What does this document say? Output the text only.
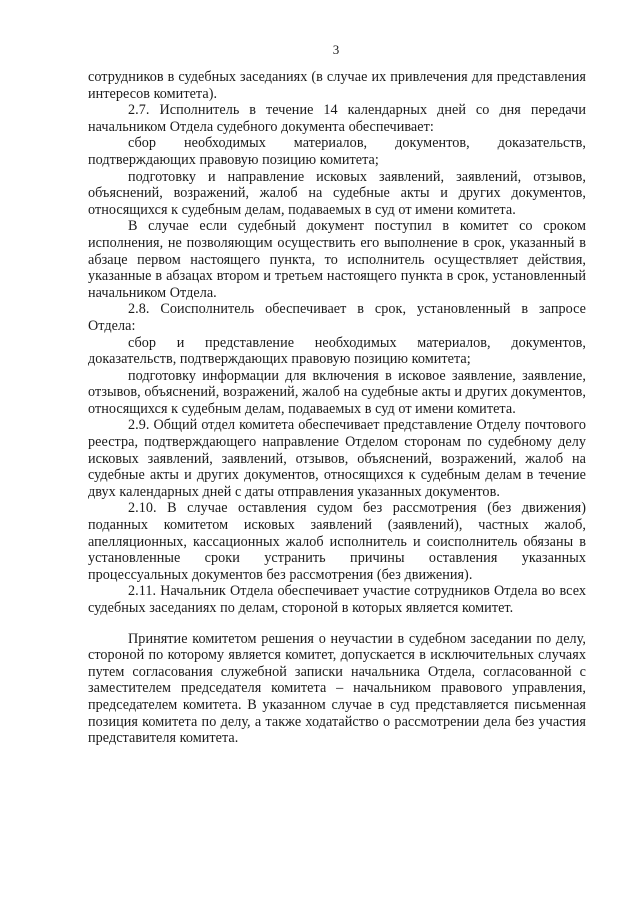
3

сотрудников в судебных заседаниях (в случае их привлечения для представления интересов комитета).

2.7. Исполнитель в течение 14 календарных дней со дня передачи начальником Отдела судебного документа обеспечивает:

сбор необходимых материалов, документов, доказательств, подтверждающих правовую позицию комитета;

подготовку и направление исковых заявлений, заявлений, отзывов, объяснений, возражений, жалоб на судебные акты и других документов, относящихся к судебным делам, подаваемых в суд от имени комитета.

В случае если судебный документ поступил в комитет со сроком исполнения, не позволяющим осуществить его выполнение в срок, указанный в абзаце первом настоящего пункта, то исполнитель осуществляет действия, указанные в абзацах втором и третьем настоящего пункта в срок, установленный начальником Отдела.

2.8. Соисполнитель обеспечивает в срок, установленный в запросе Отдела:

сбор и представление необходимых материалов, документов, доказательств, подтверждающих правовую позицию комитета;

подготовку информации для включения в исковое заявление, заявление, отзывов, объяснений, возражений, жалоб на судебные акты и других документов, относящихся к судебным делам, подаваемых в суд от имени комитета.

2.9. Общий отдел комитета обеспечивает представление Отделу почтового реестра, подтверждающего направление Отделом сторонам по судебному делу исковых заявлений, заявлений, отзывов, объяснений, возражений, жалоб на судебные акты и других документов, относящихся к судебным делам в течение двух календарных дней с даты отправления указанных документов.

2.10. В случае оставления судом без рассмотрения (без движения) поданных комитетом исковых заявлений (заявлений), частных жалоб, апелляционных, кассационных жалоб исполнитель и соисполнитель обязаны в установленные сроки устранить причины оставления указанных процессуальных документов без рассмотрения (без движения).

2.11. Начальник Отдела обеспечивает участие сотрудников Отдела во всех судебных заседаниях по делам, стороной в которых является комитет.

Принятие комитетом решения о неучастии в судебном заседании по делу, стороной по которому является комитет, допускается в исключительных случаях путем согласования служебной записки начальника Отдела, согласованной с заместителем председателя комитета – начальником правового управления, председателем комитета. В указанном случае в суд представляется письменная позиция комитета по делу, а также ходатайство о рассмотрении дела без участия представителя комитета.
